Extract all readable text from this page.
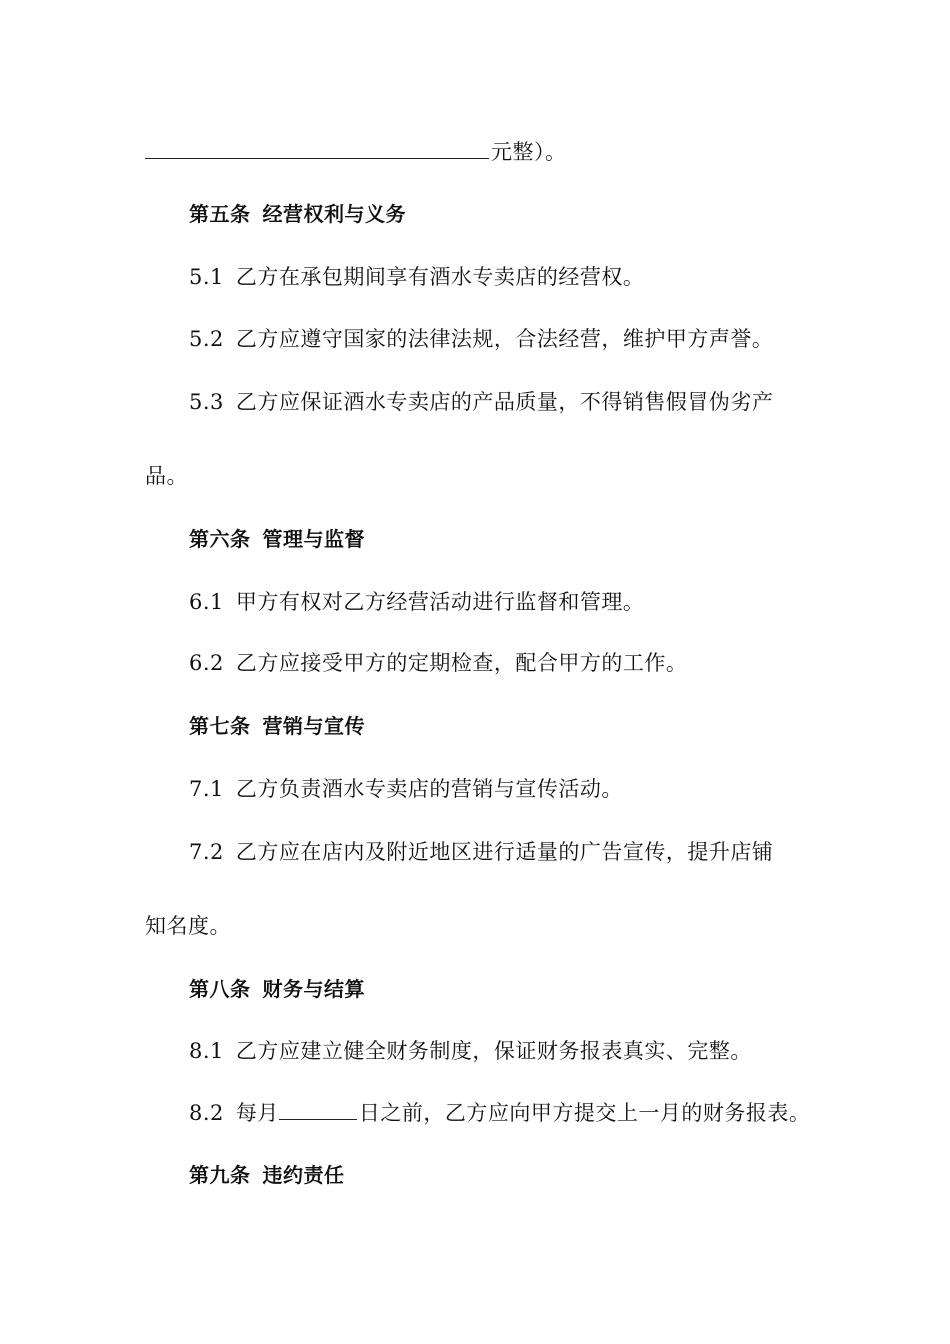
元整）。
第五条 经营权利与义务
5.1 乙方在承包期间享有酒水专卖店的经营权。
5.2 乙方应遵守国家的法律法规，合法经营，维护甲方声誉。
5.3 乙方应保证酒水专卖店的产品质量，不得销售假冒伪劣产
品。
第六条 管理与监督
6.1 甲方有权对乙方经营活动进行监督和管理。
6.2 乙方应接受甲方的定期检查，配合甲方的工作。
第七条 营销与宣传
7.1 乙方负责酒水专卖店的营销与宣传活动。
7.2 乙方应在店内及附近地区进行适量的广告宣传，提升店铺
知名度。
第八条 财务与结算
8.1 乙方应建立健全财务制度，保证财务报表真实、完整。
8.2 每月	日之前，乙方应向甲方提交上一月的财务报表。
第九条 违约责任
